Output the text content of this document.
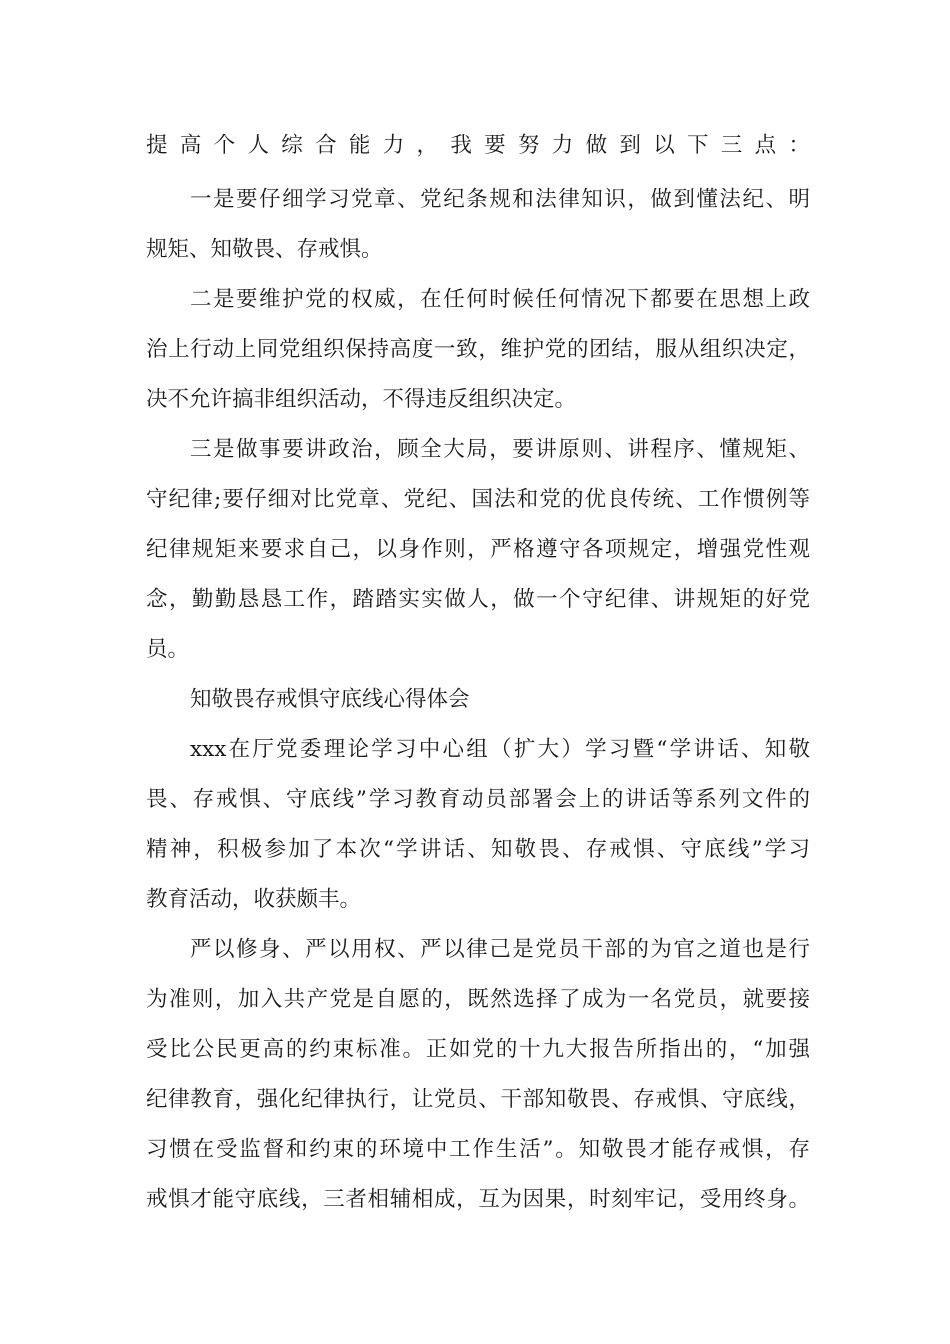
提高个人综合能力，我要努力做到以下三点：
一是要仔细学习党章、党纪条规和法律知识，做到懂法纪、明
规矩、知敬畏、存戒惧。
二是要维护党的权威，在任何时候任何情况下都要在思想上政
治上行动上同党组织保持高度一致，维护党的团结，服从组织决定，
决不允许搞非组织活动，不得违反组织决定。
三是做事要讲政治，顾全大局，要讲原则、讲程序、懂规矩、
守纪律;要仔细对比党章、党纪、国法和党的优良传统、工作惯例等
纪律规矩来要求自己，以身作则，严格遵守各项规定，增强党性观
念，勤勤恳恳工作，踏踏实实做人，做一个守纪律、讲规矩的好党
员。
知敬畏存戒惧守底线心得体会
xxx在厅党委理论学习中心组（扩大）学习暨“学讲话、知敬
畏、存戒惧、守底线”学习教育动员部署会上的讲话等系列文件的
精神，积极参加了本次“学讲话、知敬畏、存戒惧、守底线”学习
教育活动，收获颇丰。
严以修身、严以用权、严以律己是党员干部的为官之道也是行
为准则，加入共产党是自愿的，既然选择了成为一名党员，就要接
受比公民更高的约束标准。正如党的十九大报告所指出的，“加强
纪律教育，强化纪律执行，让党员、干部知敬畏、存戒惧、守底线，
习惯在受监督和约束的环境中工作生活”。知敬畏才能存戒惧，存
戒惧才能守底线，三者相辅相成，互为因果，时刻牢记，受用终身。
